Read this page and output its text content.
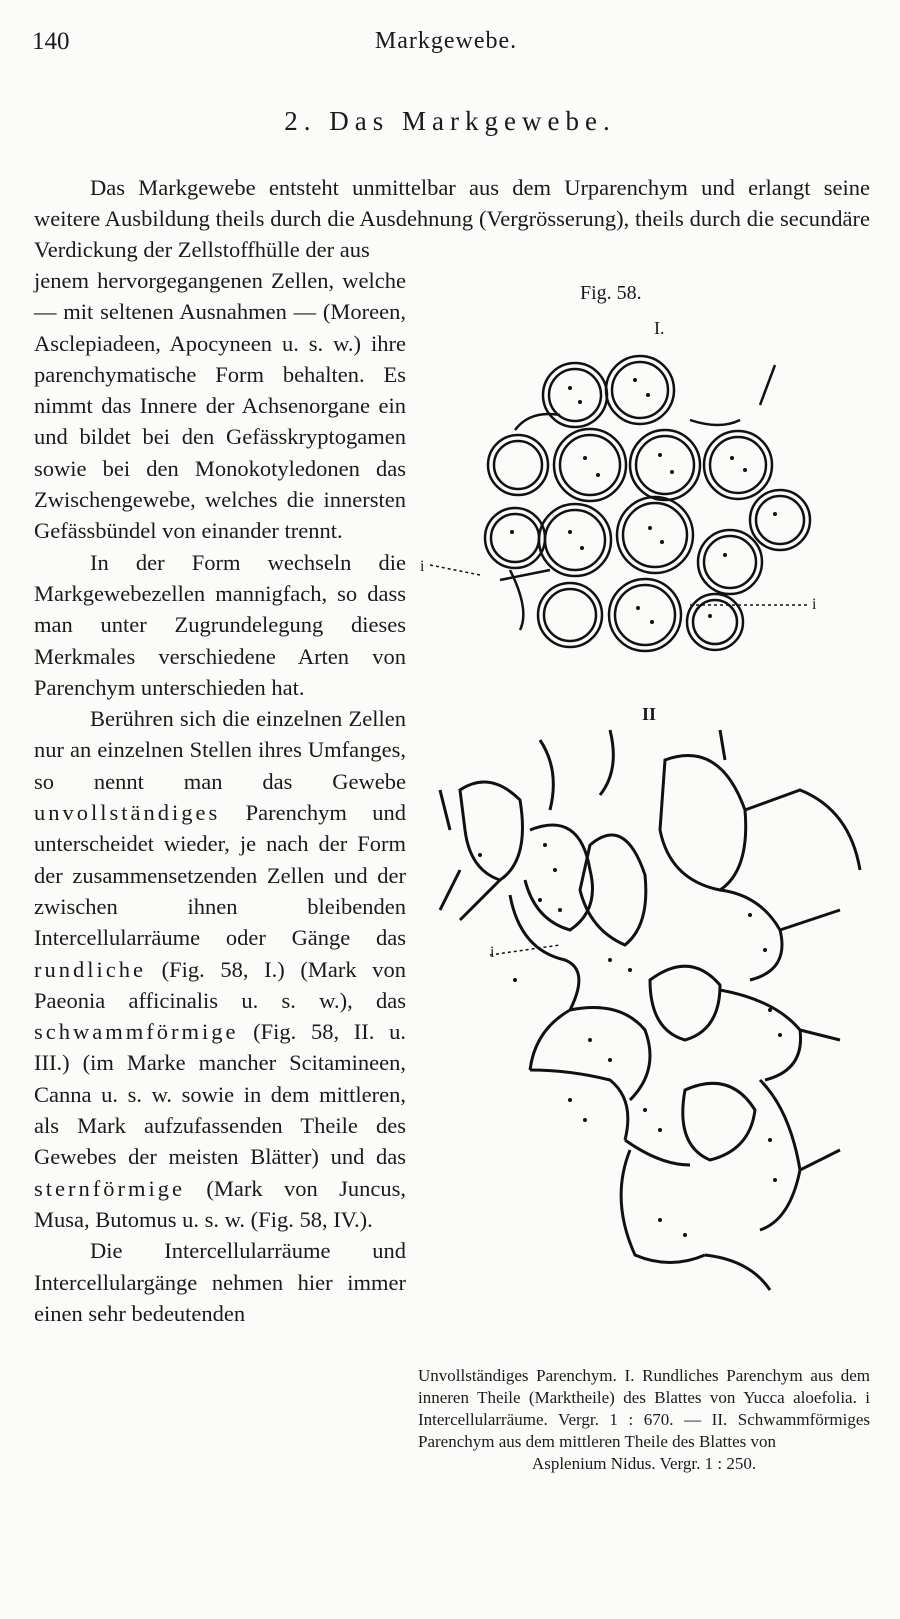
140	Markgewebe.
2. Das Markgewebe.

Das Markgewebe entsteht unmittelbar aus dem Urparenchym und erlangt seine weitere Ausbildung theils durch die Ausdehnung (Vergrösserung), theils durch die secundäre Verdickung der Zellstoffhülle der aus

jenem hervorgegangenen Zellen, welche — mit seltenen Ausnahmen — (Moreen, Asclepiadeen, Apocyneen u. s. w.) ihre parenchymatische Form behalten. Es nimmt das Innere der Achsenorgane ein und bildet bei den Gefässkryptogamen sowie bei den Monokotyledonen das Zwischengewebe, welches die innersten Gefässbündel von einander trennt.

In der Form wechseln die Markgewebezellen mannigfach, so dass man unter Zugrundelegung dieses Merkmales verschiedene Arten von Parenchym unterschieden hat.

Berühren sich die einzelnen Zellen nur an einzelnen Stellen ihres Umfanges, so nennt man das Gewebe unvollständiges Parenchym und unterscheidet wieder, je nach der Form der zusammensetzenden Zellen und der zwischen ihnen bleibenden Intercellularräume oder Gänge das rundliche (Fig. 58, I.) (Mark von Paeonia afficinalis u. s. w.), das schwammförmige (Fig. 58, II. u. III.) (im Marke mancher Scitamineen, Canna u. s. w. sowie in dem mittleren, als Mark aufzufassenden Theile des Gewebes der meisten Blätter) und das sternförmige (Mark von Juncus, Musa, Butomus u. s. w. (Fig. 58, IV.).

Die Intercellularräume und Intercellulargänge nehmen hier immer einen sehr bedeutenden

Fig. 58.
I.
i
i
II
i

Unvollständiges Parenchym. I. Rundliches Parenchym aus dem inneren Theile (Marktheile) des Blattes von Yucca aloefolia. i Intercellularräume. Vergr. 1 : 670. — II. Schwammförmiges Parenchym aus dem mittleren Theile des Blattes von
Asplenium Nidus. Vergr. 1 : 250.
